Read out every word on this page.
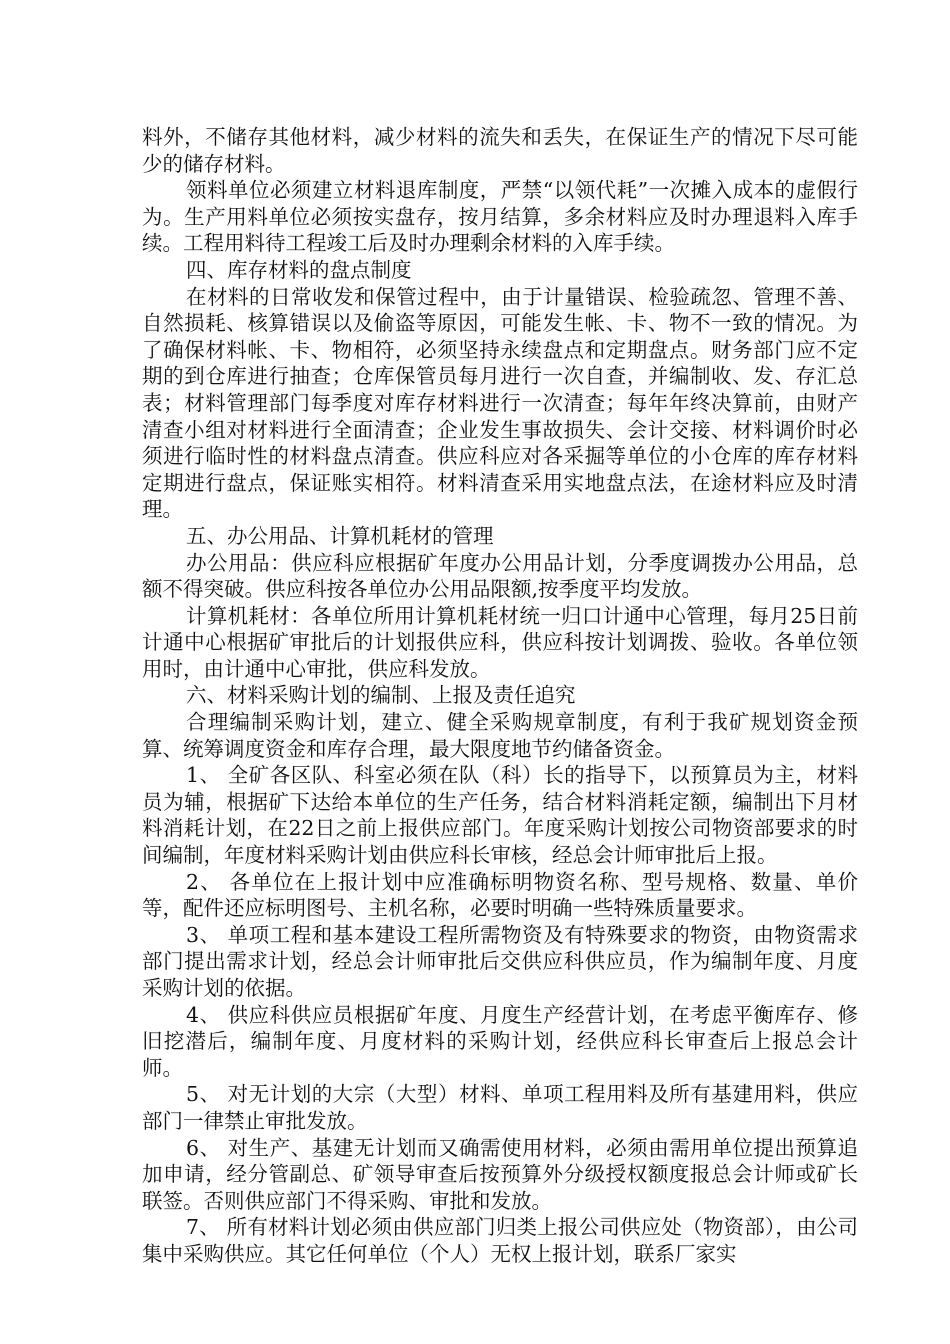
料外，不储存其他材料，减少材料的流失和丢失，在保证生产的情况下尽可能少的储存材料。

领料单位必须建立材料退库制度，严禁“以领代耗”一次摊入成本的虚假行为。生产用料单位必须按实盘存，按月结算，多余材料应及时办理退料入库手续。工程用料待工程竣工后及时办理剩余材料的入库手续。

四、库存材料的盘点制度

在材料的日常收发和保管过程中，由于计量错误、检验疏忽、管理不善、自然损耗、核算错误以及偷盗等原因，可能发生帐、卡、物不一致的情况。为了确保材料帐、卡、物相符，必须坚持永续盘点和定期盘点。财务部门应不定期的到仓库进行抽查；仓库保管员每月进行一次自查，并编制收、发、存汇总表；材料管理部门每季度对库存材料进行一次清查；每年年终决算前，由财产清查小组对材料进行全面清查；企业发生事故损失、会计交接、材料调价时必须进行临时性的材料盘点清查。供应科应对各采掘等单位的小仓库的库存材料定期进行盘点，保证账实相符。材料清查采用实地盘点法，在途材料应及时清理。

五、办公用品、计算机耗材的管理

办公用品：供应科应根据矿年度办公用品计划，分季度调拨办公用品，总额不得突破。供应科按各单位办公用品限额,按季度平均发放。

计算机耗材：各单位所用计算机耗材统一归口计通中心管理，每月25日前计通中心根据矿审批后的计划报供应科，供应科按计划调拨、验收。各单位领用时，由计通中心审批，供应科发放。

六、材料采购计划的编制、上报及责任追究

合理编制采购计划，建立、健全采购规章制度，有利于我矿规划资金预算、统筹调度资金和库存合理，最大限度地节约储备资金。

1、 全矿各区队、科室必须在队（科）长的指导下，以预算员为主，材料员为辅，根据矿下达给本单位的生产任务，结合材料消耗定额，编制出下月材料消耗计划，在22日之前上报供应部门。年度采购计划按公司物资部要求的时间编制，年度材料采购计划由供应科长审核，经总会计师审批后上报。

2、 各单位在上报计划中应准确标明物资名称、型号规格、数量、单价等，配件还应标明图号、主机名称，必要时明确一些特殊质量要求。

3、 单项工程和基本建设工程所需物资及有特殊要求的物资，由物资需求部门提出需求计划，经总会计师审批后交供应科供应员，作为编制年度、月度采购计划的依据。

4、 供应科供应员根据矿年度、月度生产经营计划，在考虑平衡库存、修旧挖潜后，编制年度、月度材料的采购计划，经供应科长审查后上报总会计师。

5、 对无计划的大宗（大型）材料、单项工程用料及所有基建用料，供应部门一律禁止审批发放。

6、 对生产、基建无计划而又确需使用材料，必须由需用单位提出预算追加申请，经分管副总、矿领导审查后按预算外分级授权额度报总会计师或矿长联签。否则供应部门不得采购、审批和发放。

7、 所有材料计划必须由供应部门归类上报公司供应处（物资部），由公司集中采购供应。其它任何单位（个人）无权上报计划，联系厂家实
